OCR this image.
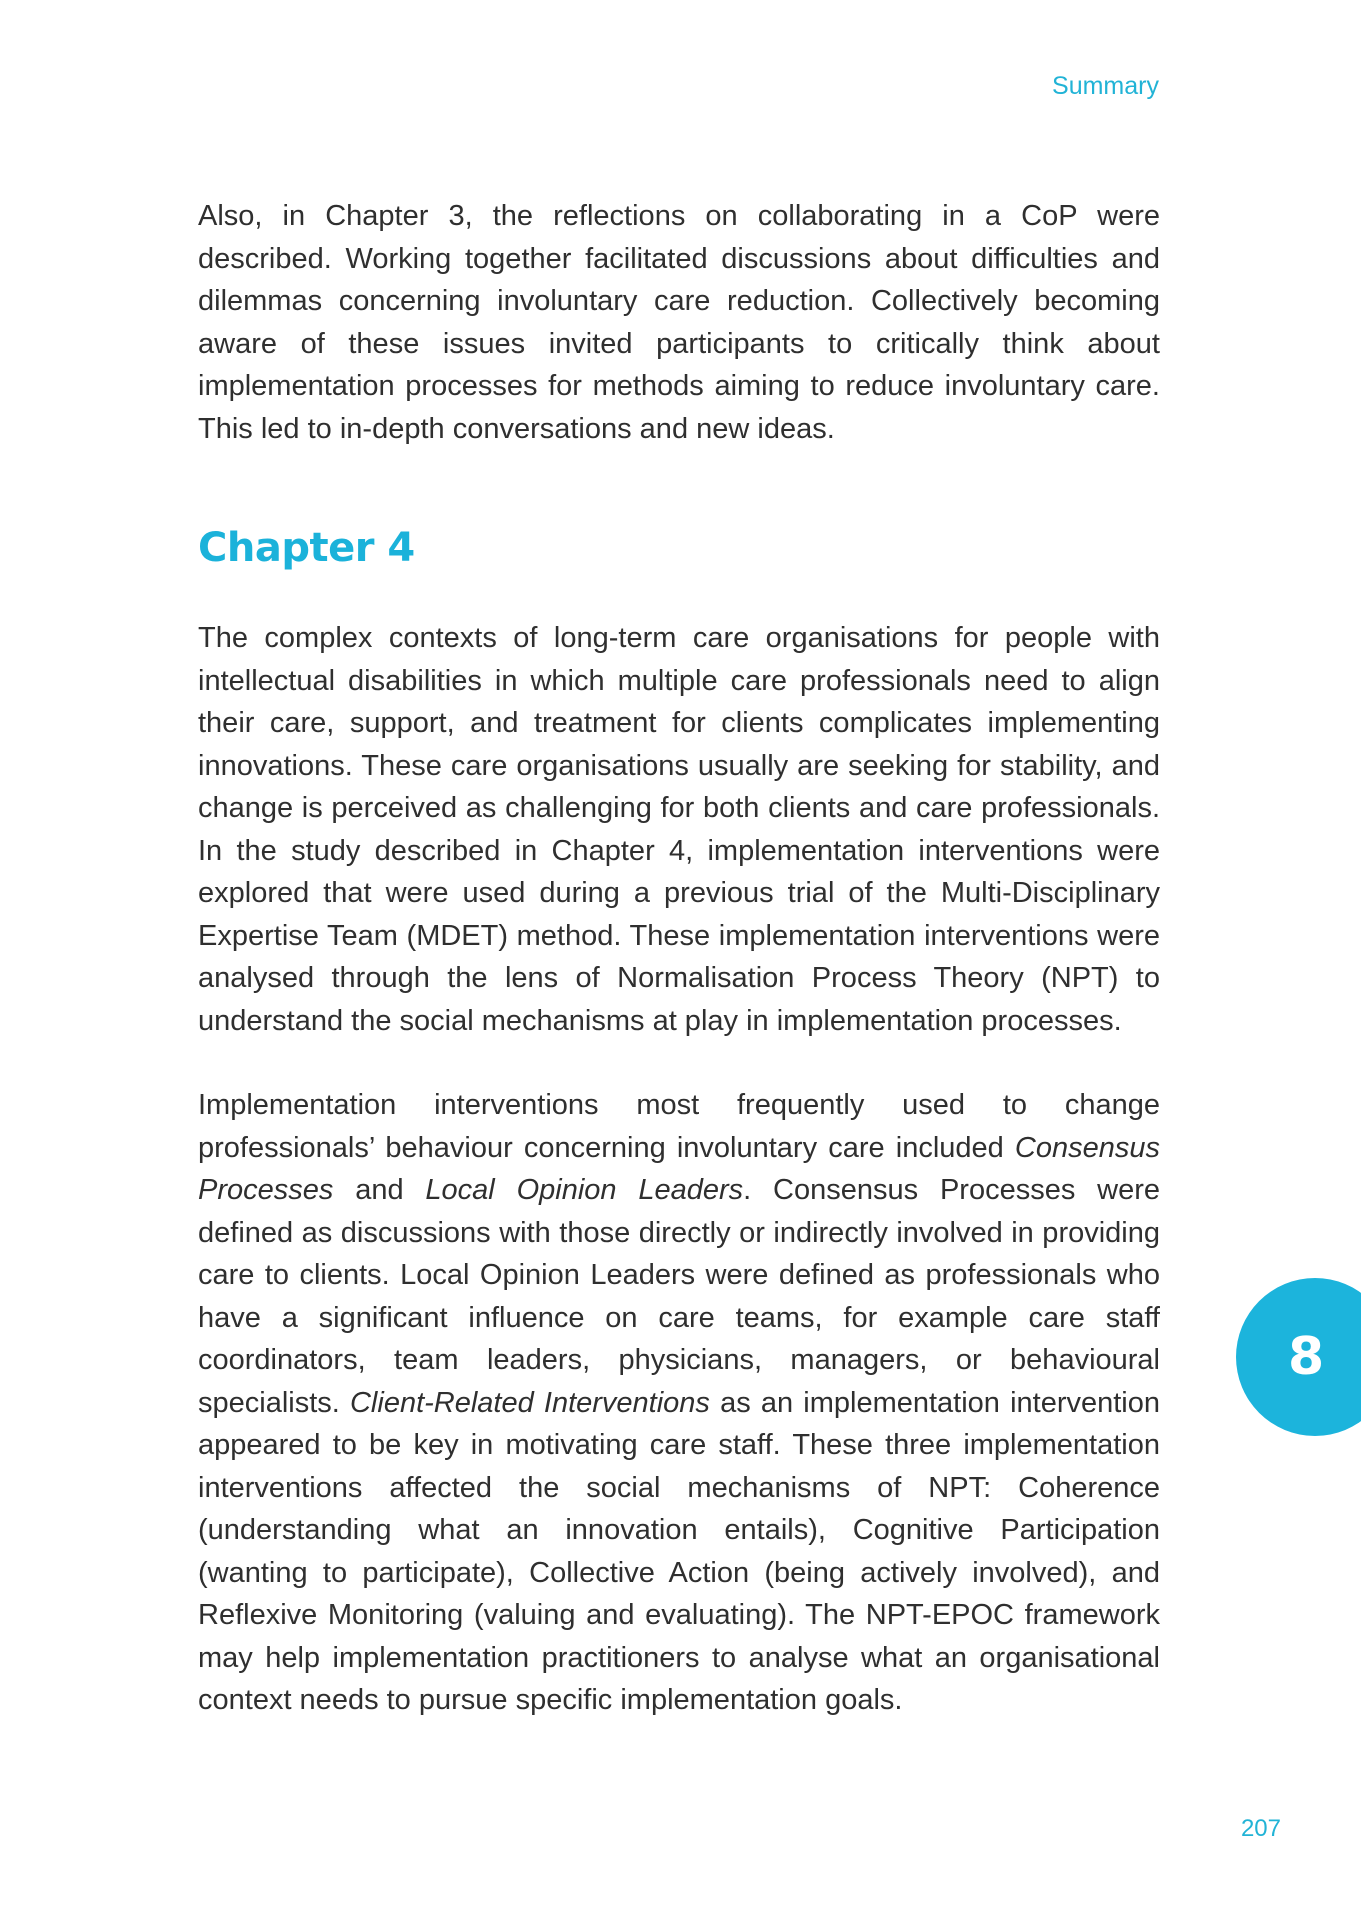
Summary

Also, in Chapter 3, the reflections on collaborating in a CoP were described. Working together facilitated discussions about difficulties and dilemmas concerning involuntary care reduction. Collectively becoming aware of these issues invited participants to critically think about implementation processes for methods aiming to reduce involuntary care. This led to in-depth conversations and new ideas.

Chapter 4

The complex contexts of long-term care organisations for people with intellectual disabilities in which multiple care professionals need to align their care, support, and treatment for clients complicates implementing innovations. These care organisations usually are seeking for stability, and change is perceived as challenging for both clients and care professionals. In the study described in Chapter 4, implementation interventions were explored that were used during a previous trial of the Multi-Disciplinary Expertise Team (MDET) method. These implementation interventions were analysed through the lens of Normalisation Process Theory (NPT) to understand the social mechanisms at play in implementation processes.

Implementation interventions most frequently used to change professionals’ behaviour concerning involuntary care included Consensus Processes and Local Opinion Leaders. Consensus Processes were defined as discussions with those directly or indirectly involved in providing care to clients. Local Opinion Leaders were defined as professionals who have a significant influence on care teams, for example care staff coordinators, team leaders, physicians, managers, or behavioural specialists. Client-Related Interventions as an implementation intervention appeared to be key in motivating care staff. These three implementation interventions affected the social mechanisms of NPT: Coherence (understanding what an innovation entails), Cognitive Participation (wanting to participate), Collective Action (being actively involved), and Reflexive Monitoring (valuing and evaluating). The NPT-EPOC framework may help implementation practitioners to analyse what an organisational context needs to pursue specific implementation goals.

8
207
